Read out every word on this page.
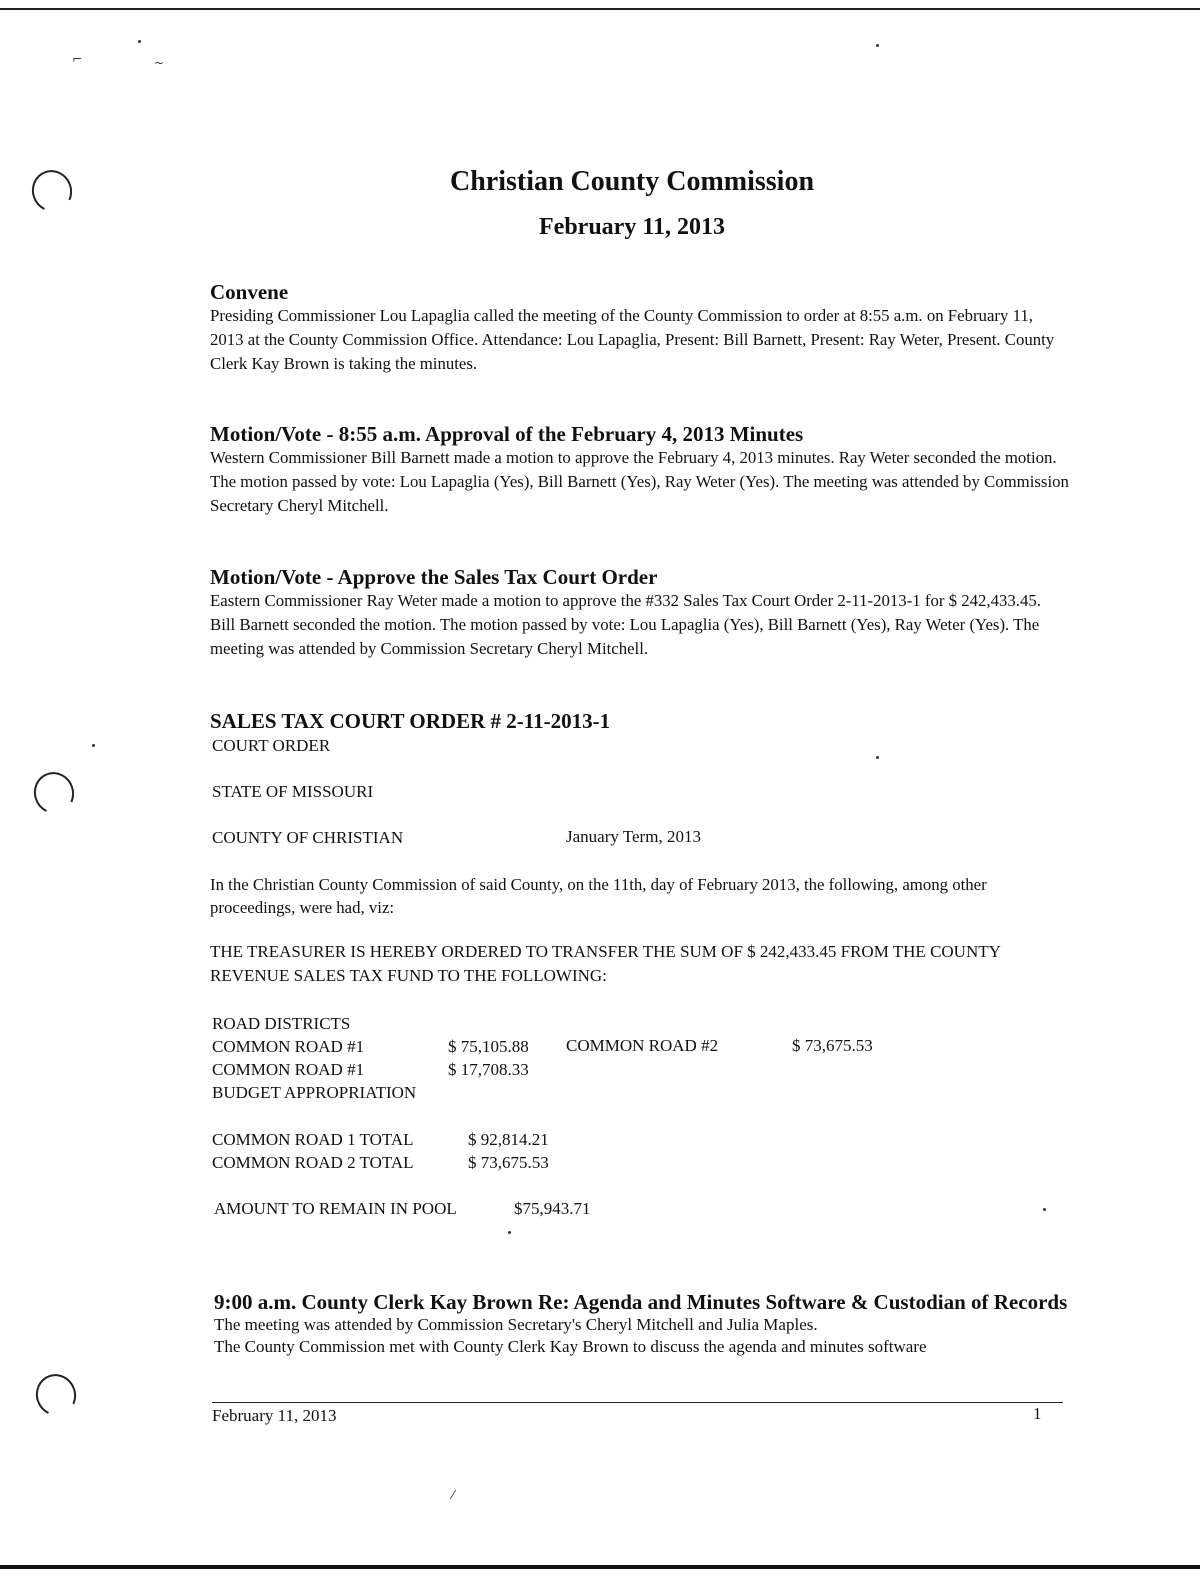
⌐	~
Christian County Commission
February 11, 2013

Convene

Presiding Commissioner Lou Lapaglia called the meeting of the County Commission to order at 8:55 a.m. on February 11, 2013 at the County Commission Office. Attendance: Lou Lapaglia, Present: Bill Barnett, Present: Ray Weter, Present. County Clerk Kay Brown is taking the minutes.

Motion/Vote - 8:55 a.m. Approval of the February 4, 2013 Minutes

Western Commissioner Bill Barnett made a motion to approve the February 4, 2013 minutes. Ray Weter seconded the motion. The motion passed by vote: Lou Lapaglia (Yes), Bill Barnett (Yes), Ray Weter (Yes). The meeting was attended by Commission Secretary Cheryl Mitchell.

Motion/Vote - Approve the Sales Tax Court Order

Eastern Commissioner Ray Weter made a motion to approve the #332 Sales Tax Court Order 2-11-2013-1 for $ 242,433.45. Bill Barnett seconded the motion. The motion passed by vote: Lou Lapaglia (Yes), Bill Barnett (Yes), Ray Weter (Yes). The meeting was attended by Commission Secretary Cheryl Mitchell.

SALES TAX COURT ORDER # 2-11-2013-1

COURT ORDER
STATE OF MISSOURI
COUNTY OF CHRISTIAN	January Term, 2013

In the Christian County Commission of said County, on the 11th, day of February 2013, the following, among other proceedings, were had, viz:

THE TREASURER IS HEREBY ORDERED TO TRANSFER THE SUM OF $ 242,433.45 FROM THE COUNTY REVENUE SALES TAX FUND TO THE FOLLOWING:

ROAD DISTRICTS
COMMON ROAD #1	$ 75,105.88 COMMON ROAD #2	$ 73,675.53
COMMON ROAD #1	$ 17,708.33
BUDGET APPROPRIATION
COMMON ROAD 1 TOTAL	$ 92,814.21
COMMON ROAD 2 TOTAL	$ 73,675.53
AMOUNT TO REMAIN IN POOL	$75,943.71

9:00 a.m. County Clerk Kay Brown Re: Agenda and Minutes Software & Custodian of Records

The meeting was attended by Commission Secretary's Cheryl Mitchell and Julia Maples.

The County Commission met with County Clerk Kay Brown to discuss the agenda and minutes software

February 11, 2013	1
⁄
